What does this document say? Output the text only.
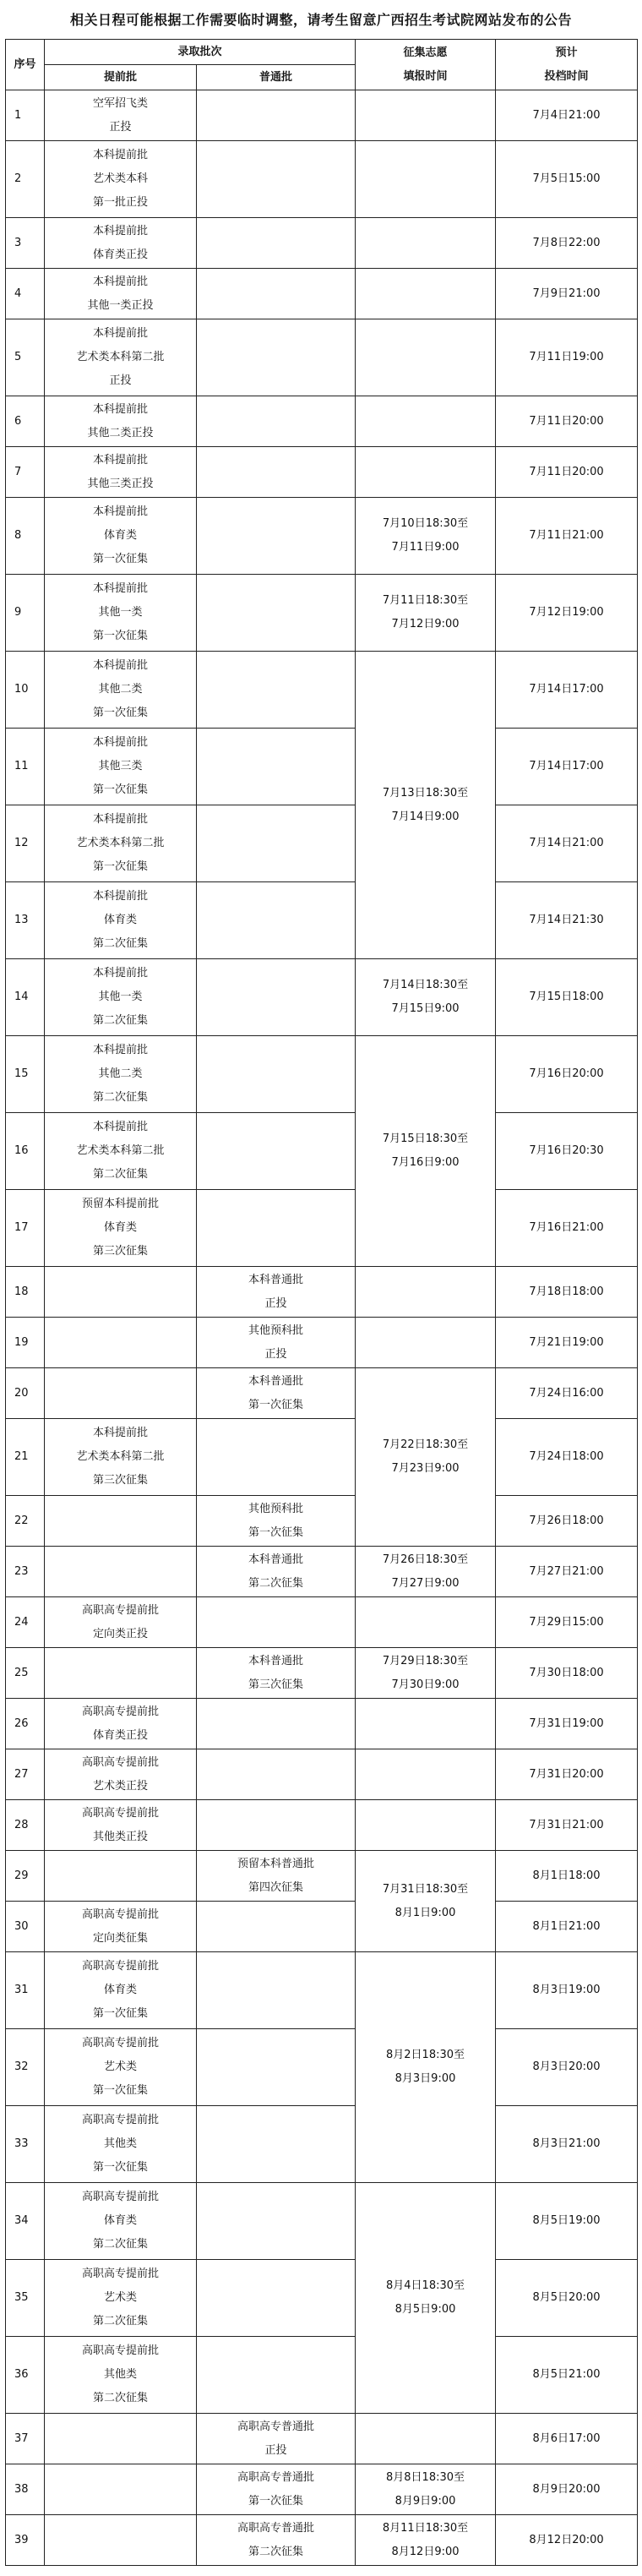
相关日程可能根据工作需要临时调整，请考生留意广西招生考试院网站发布的公告
序号	录取批次		征集志愿
填报时间	预计
投档时间

	提前批	普通批		
1	空军招飞类
正投			7月4日21:00
2	本科提前批
艺术类本科
第一批正投			7月5日15:00
3	本科提前批
体育类正投			7月8日22:00
4	本科提前批
其他一类正投			7月9日21:00
5	本科提前批
艺术类本科第二批
正投			7月11日19:00
6	本科提前批
其他二类正投			7月11日20:00
7	本科提前批
其他三类正投			7月11日20:00
8	本科提前批
体育类
第一次征集		7月10日18:30至
7月11日9:00	7月11日21:00
9	本科提前批
其他一类
第一次征集		7月11日18:30至
7月12日9:00	7月12日19:00
10	本科提前批
其他二类
第一次征集		7月13日18:30至
7月14日9:00	7月14日17:00
11	本科提前批
其他三类
第一次征集			7月14日17:00
12	本科提前批
艺术类本科第二批
第一次征集			7月14日21:00
13	本科提前批
体育类
第二次征集			7月14日21:30
14	本科提前批
其他一类
第二次征集		7月14日18:30至
7月15日9:00	7月15日18:00
15	本科提前批
其他二类
第二次征集		7月15日18:30至
7月16日9:00	7月16日20:00
16	本科提前批
艺术类本科第二批
第二次征集			7月16日20:30
17	预留本科提前批
体育类
第三次征集			7月16日21:00
18		本科普通批
正投		7月18日18:00
19		其他预科批
正投		7月21日19:00
20		本科普通批
第一次征集	7月22日18:30至
7月23日9:00	7月24日16:00
21	本科提前批
艺术类本科第二批
第三次征集			7月24日18:00
22		其他预科批
第一次征集		7月26日18:00
23		本科普通批
第二次征集	7月26日18:30至
7月27日9:00	7月27日21:00
24	高职高专提前批
定向类正投			7月29日15:00
25		本科普通批
第三次征集	7月29日18:30至
7月30日9:00	7月30日18:00
26	高职高专提前批
体育类正投			7月31日19:00
27	高职高专提前批
艺术类正投			7月31日20:00
28	高职高专提前批
其他类正投			7月31日21:00
29		预留本科普通批
第四次征集	7月31日18:30至
8月1日9:00	8月1日18:00
30	高职高专提前批
定向类征集			8月1日21:00
31	高职高专提前批
体育类
第一次征集		8月2日18:30至
8月3日9:00	8月3日19:00
32	高职高专提前批
艺术类
第一次征集			8月3日20:00
33	高职高专提前批
其他类
第一次征集			8月3日21:00
34	高职高专提前批
体育类
第二次征集		8月4日18:30至
8月5日9:00	8月5日19:00
35	高职高专提前批
艺术类
第二次征集			8月5日20:00
36	高职高专提前批
其他类
第二次征集			8月5日21:00
37		高职高专普通批
正投		8月6日17:00
38		高职高专普通批
第一次征集	8月8日18:30至
8月9日9:00	8月9日20:00
39		高职高专普通批
第二次征集	8月11日18:30至
8月12日9:00	8月12日20:00
